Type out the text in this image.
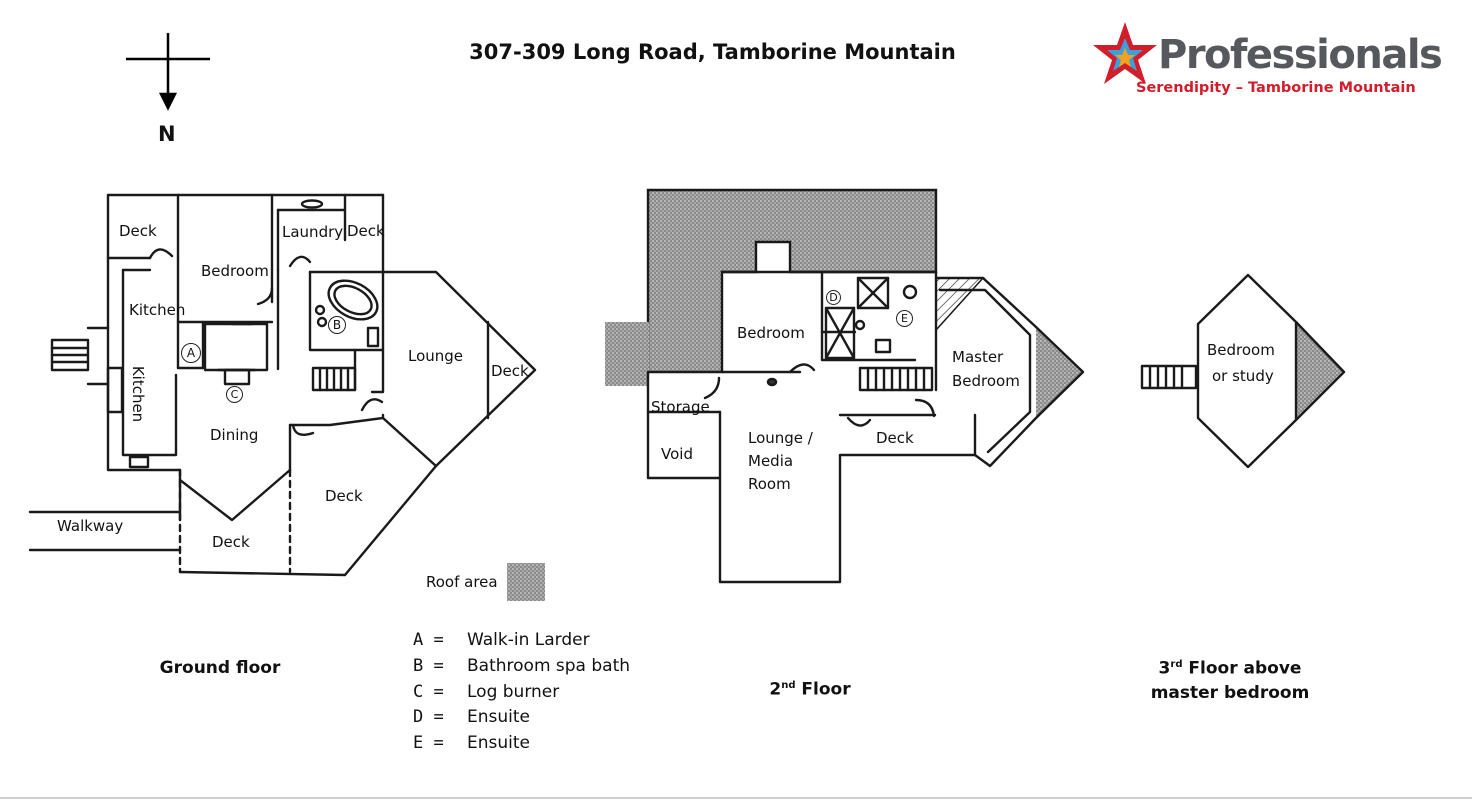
A
B
C
D
E
307-309 Long Road, Tamborine Mountain
N
Professionals
Serendipity – Tamborine Mountain
Deck	Laundry Deck
Bedroom
Kitchen
Kitchen
Lounge
Deck
Dining
Deck
Deck
Walkway
Bedroom
Storage
Void
Lounge /
Media
Room
Master
Bedroom
Deck
Bedroom
or study
Roof area
Ground floor
2nd Floor
3rd Floor above
master bedroom
A = Walk-in Larder
B = Bathroom spa bath
C = Log burner
D = Ensuite
E = Ensuite
